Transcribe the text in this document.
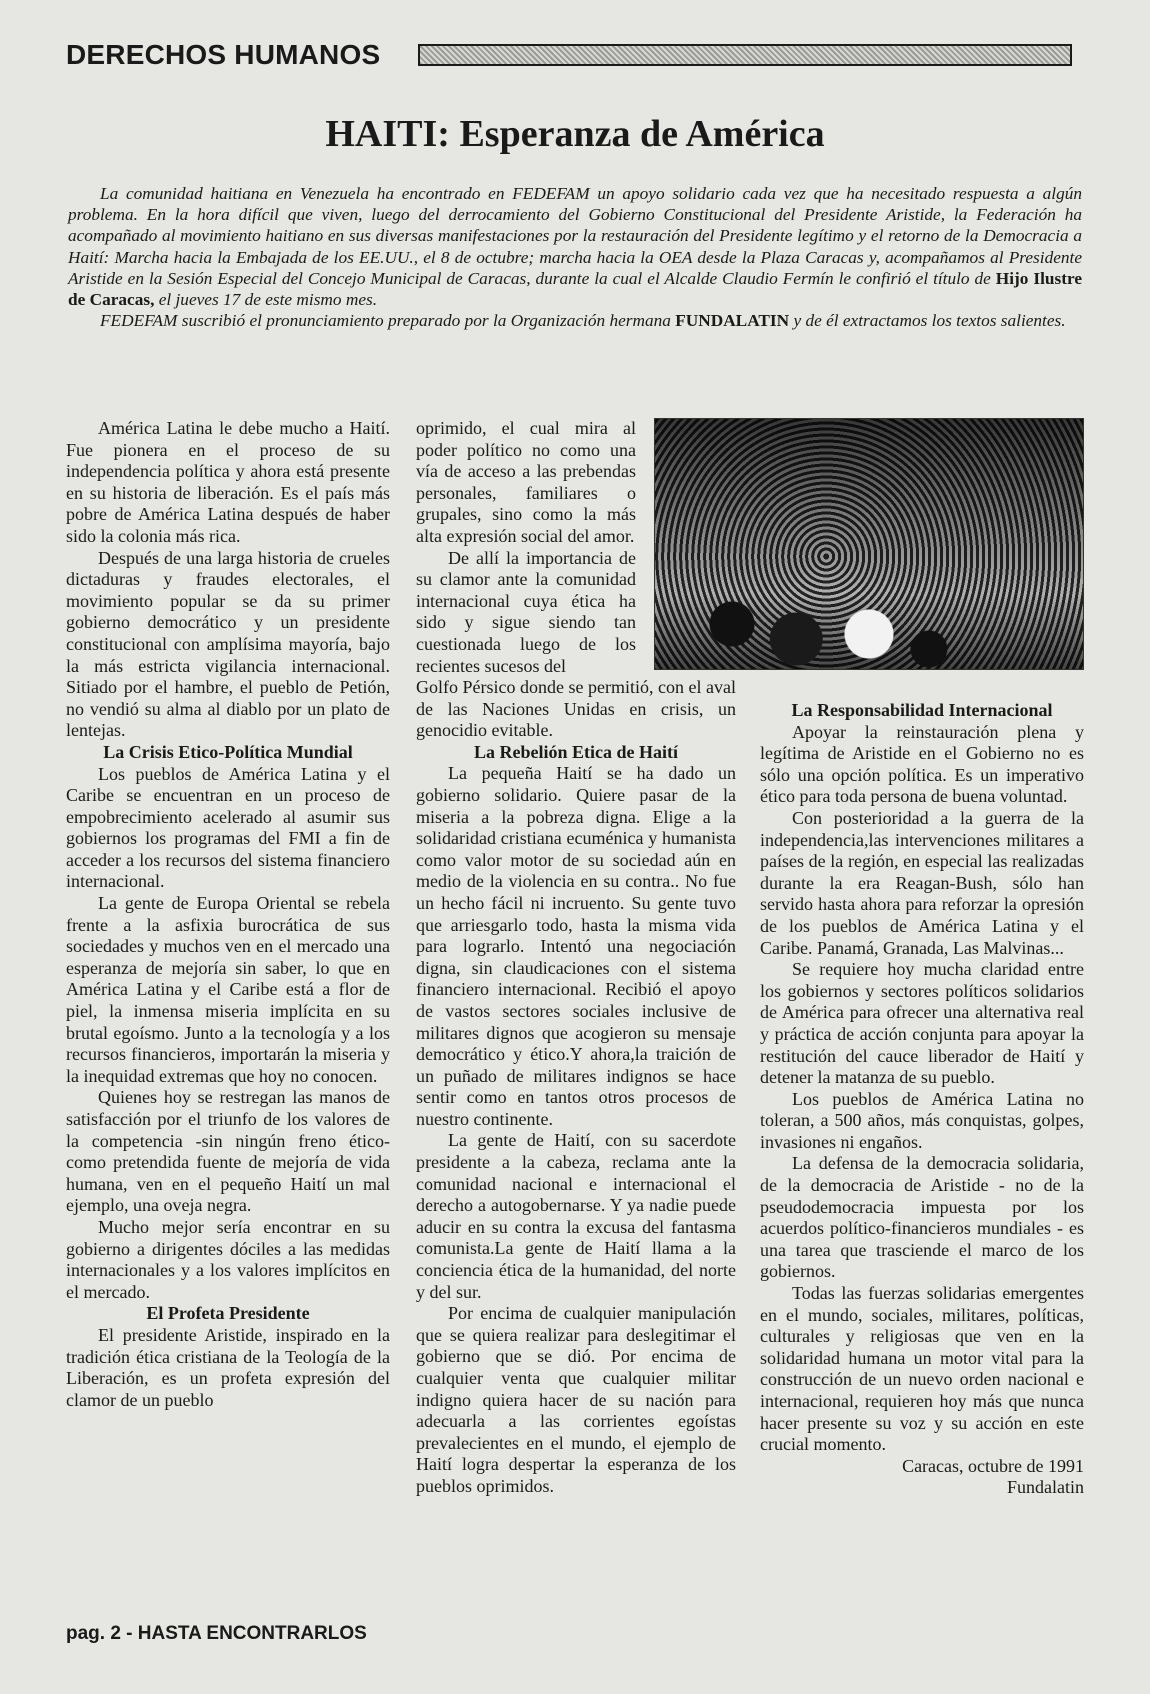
DERECHOS HUMANOS
HAITI: Esperanza de América

La comunidad haitiana en Venezuela ha encontrado en FEDEFAM un apoyo solidario cada vez que ha necesitado respuesta a algún problema. En la hora difícil que viven, luego del derrocamiento del Gobierno Constitucional del Presidente Aristide, la Federación ha acompañado al movimiento haitiano en sus diversas manifestaciones por la restauración del Presidente legítimo y el retorno de la Democracia a Haití: Marcha hacia la Embajada de los EE.UU., el 8 de octubre; marcha hacia la OEA desde la Plaza Caracas y, acompañamos al Presidente Aristide en la Sesión Especial del Concejo Municipal de Caracas, durante la cual el Alcalde Claudio Fermín le confirió el título de Hijo Ilustre de Caracas, el jueves 17 de este mismo mes.

FEDEFAM suscribió el pronunciamiento preparado por la Organización hermana FUNDALATIN y de él extractamos los textos salientes.

América Latina le debe mucho a Haití. Fue pionera en el proceso de su independencia política y ahora está presente en su historia de liberación. Es el país más pobre de América Latina después de haber sido la colonia más rica.

Después de una larga historia de crueles dictaduras y fraudes electorales, el movimiento popular se da su primer gobierno democrático y un presidente constitucional con amplísima mayoría, bajo la más estricta vigilancia internacional. Sitiado por el hambre, el pueblo de Petión, no vendió su alma al diablo por un plato de lentejas.

La Crisis Etico-Política Mundial

Los pueblos de América Latina y el Caribe se encuentran en un proceso de empobrecimiento acelerado al asumir sus gobiernos los programas del FMI a fin de acceder a los recursos del sistema financiero internacional.

La gente de Europa Oriental se rebela frente a la asfixia burocrática de sus sociedades y muchos ven en el mercado una esperanza de mejoría sin saber, lo que en América Latina y el Caribe está a flor de piel, la inmensa miseria implícita en su brutal egoísmo. Junto a la tecnología y a los recursos financieros, importarán la miseria y la inequidad extremas que hoy no conocen.

Quienes hoy se restregan las manos de satisfacción por el triunfo de los valores de la competencia -sin ningún freno ético- como pretendida fuente de mejoría de vida humana, ven en el pequeño Haití un mal ejemplo, una oveja negra.

Mucho mejor sería encontrar en su gobierno a dirigentes dóciles a las medidas internacionales y a los valores implícitos en el mercado.

El Profeta Presidente

El presidente Aristide, inspirado en la tradición ética cristiana de la Teología de la Liberación, es un profeta expresión del clamor de un pueblo

oprimido, el cual mira al poder político no como una vía de acceso a las prebendas personales, familiares o grupales, sino como la más alta expresión social del amor.

De allí la importancia de su clamor ante la comunidad internacional cuya ética ha sido y sigue siendo tan cuestionada luego de los recientes sucesos del

Golfo Pérsico donde se permitió, con el aval de las Naciones Unidas en crisis, un genocidio evitable.

La Rebelión Etica de Haití

La pequeña Haití se ha dado un gobierno solidario. Quiere pasar de la miseria a la pobreza digna. Elige a la solidaridad cristiana ecuménica y humanista como valor motor de su sociedad aún en medio de la violencia en su contra.. No fue un hecho fácil ni incruento. Su gente tuvo que arriesgarlo todo, hasta la misma vida para lograrlo. Intentó una negociación digna, sin claudicaciones con el sistema financiero internacional. Recibió el apoyo de vastos sectores sociales inclusive de militares dignos que acogieron su mensaje democrático y ético.Y ahora,la traición de un puñado de militares indignos se hace sentir como en tantos otros procesos de nuestro continente.

La gente de Haití, con su sacerdote presidente a la cabeza, reclama ante la comunidad nacional e internacional el derecho a autogobernarse. Y ya nadie puede aducir en su contra la excusa del fantasma comunista.La gente de Haití llama a la conciencia ética de la humanidad, del norte y del sur.

Por encima de cualquier manipulación que se quiera realizar para deslegitimar el gobierno que se dió. Por encima de cualquier venta que cualquier militar indigno quiera hacer de su nación para adecuarla a las corrientes egoístas prevalecientes en el mundo, el ejemplo de Haití logra despertar la esperanza de los pueblos oprimidos.

La Responsabilidad Internacional

Apoyar la reinstauración plena y legítima de Aristide en el Gobierno no es sólo una opción política. Es un imperativo ético para toda persona de buena voluntad.

Con posterioridad a la guerra de la independencia,las intervenciones militares a países de la región, en especial las realizadas durante la era Reagan-Bush, sólo han servido hasta ahora para reforzar la opresión de los pueblos de América Latina y el Caribe. Panamá, Granada, Las Malvinas...

Se requiere hoy mucha claridad entre los gobiernos y sectores políticos solidarios de América para ofrecer una alternativa real y práctica de acción conjunta para apoyar la restitución del cauce liberador de Haití y detener la matanza de su pueblo.

Los pueblos de América Latina no toleran, a 500 años, más conquistas, golpes, invasiones ni engaños.

La defensa de la democracia solidaria, de la democracia de Aristide - no de la pseudodemocracia impuesta por los acuerdos político-financieros mundiales - es una tarea que trasciende el marco de los gobiernos.

Todas las fuerzas solidarias emergentes en el mundo, sociales, militares, políticas, culturales y religiosas que ven en la solidaridad humana un motor vital para la construcción de un nuevo orden nacional e internacional, requieren hoy más que nunca hacer presente su voz y su acción en este crucial momento.

Caracas, octubre de 1991

Fundalatin

pag. 2 - HASTA ENCONTRARLOS
